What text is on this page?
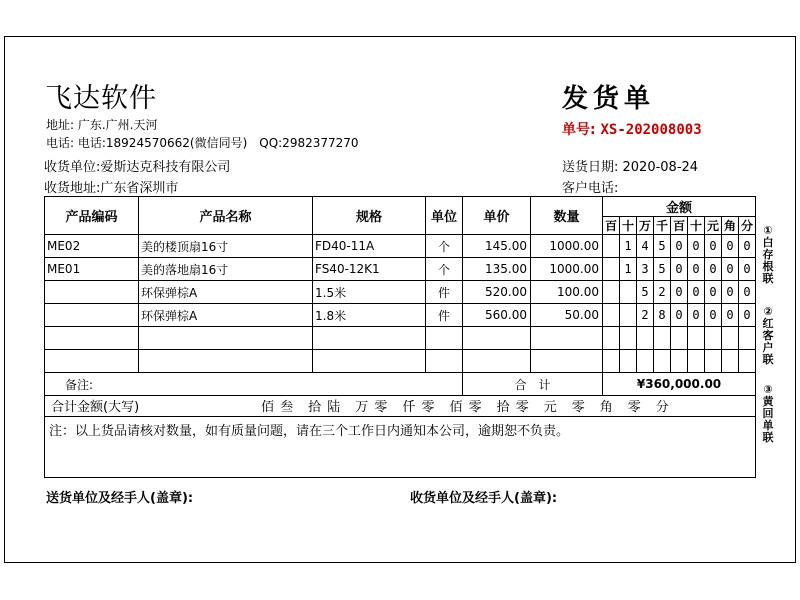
飞达软件
地址: 广东.广州.天河
电话: 电话:18924570662(微信同号)　QQ:2982377270
发货单
单号: XS-202008003
收货单位:爱斯达克科技有限公司
收货地址:广东省深圳市
送货日期: 2020-08-24
客户电话:
产品编码	产品名称	规格	单位	单价	数量	金额								
						百	十	万	千	百	十	元	角	分
ME02	美的楼顶扇16寸	FD40-11A	个	145.00	1000.00		1	4	5	0	0	0	0	0
ME01	美的落地扇16寸	FS40-12K1	个	135.00	1000.00		1	3	5	0	0	0	0	0
	环保弹棕A	1.5米	件	520.00	100.00			5	2	0	0	0	0	0
	环保弹棕A	1.8米	件	560.00	50.00			2	8	0	0	0	0	0

备注:				合　计		¥360,000.00								
合计金额(大写)	佰 叁　拾 陆　万 零　仟 零　佰 零　拾 零　元　零　角　零　分
注：以上货品请核对数量，如有质量问题，请在三个工作日内通知本公司，逾期恕不负责。
①白存根联
②红客户联
③黄回单联
送货单位及经手人(盖章):	收货单位及经手人(盖章):
